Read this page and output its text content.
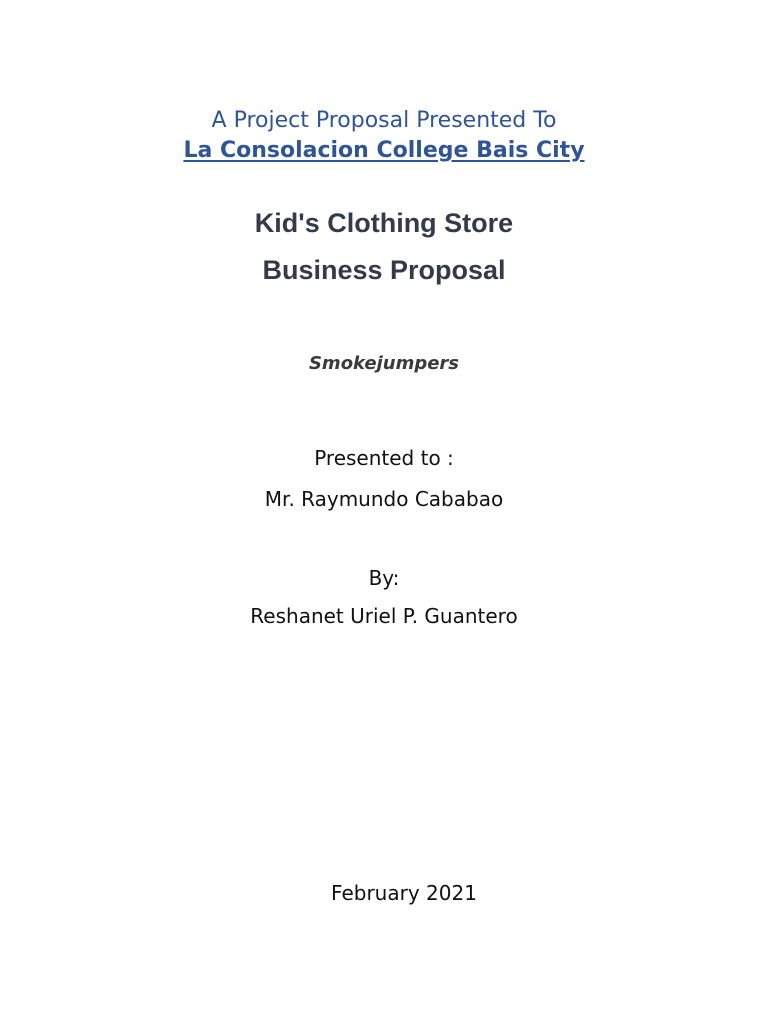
A Project Proposal Presented To

La Consolacion College Bais City

Kid's Clothing Store
Business Proposal

Smokejumpers

Presented to :

Mr. Raymundo Cababao

By:

Reshanet Uriel P. Guantero

February 2021
